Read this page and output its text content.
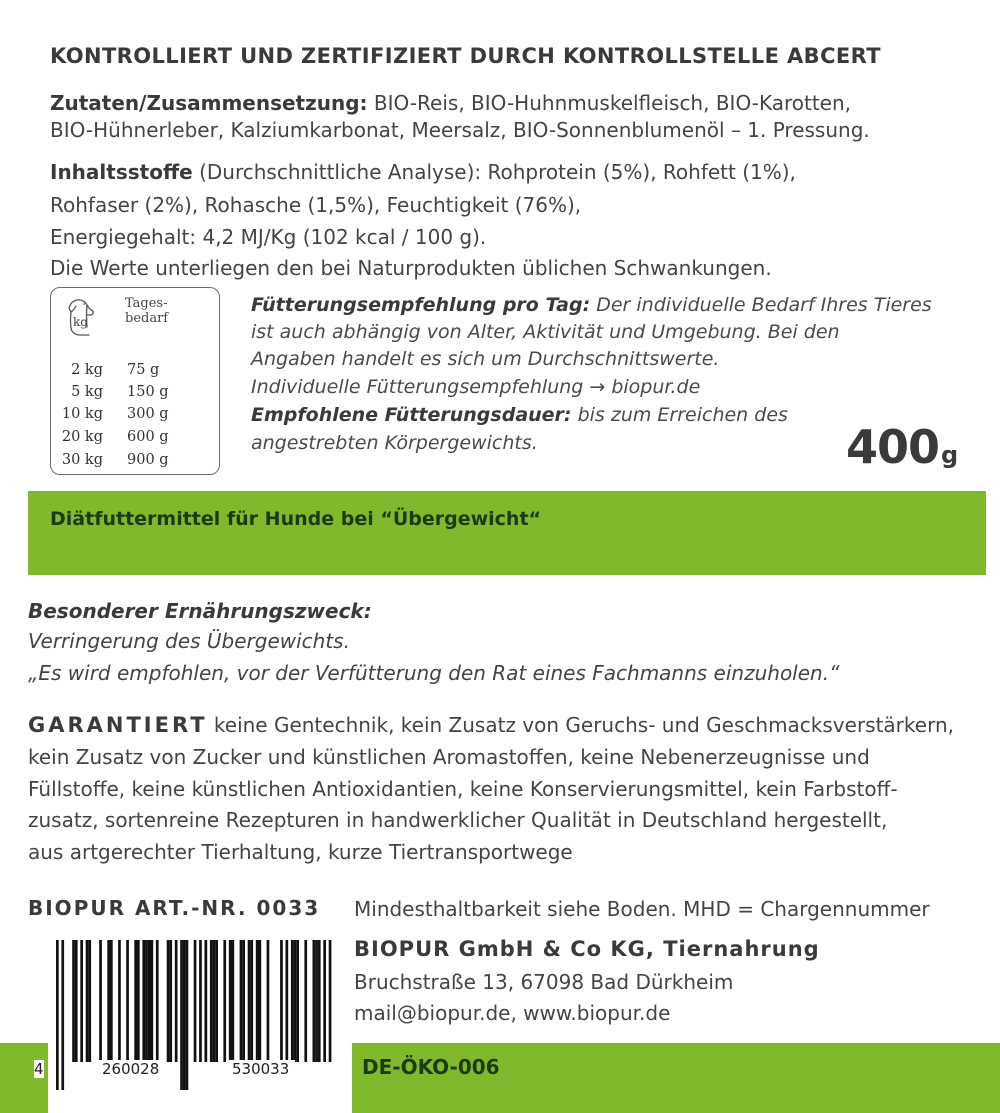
KONTROLLIERT UND ZERTIFIZIERT DURCH KONTROLLSTELLE ABCERT
Zutaten/Zusammensetzung: BIO-Reis, BIO-Huhnmuskelfleisch, BIO-Karotten,
BIO-Hühnerleber, Kalziumkarbonat, Meersalz, BIO-Sonnenblumenöl – 1. Pressung.
Inhaltsstoffe (Durchschnittliche Analyse): Rohprotein (5%), Rohfett (1%),
Rohfaser (2%), Rohasche (1,5%), Feuchtigkeit (76%),
Energiegehalt: 4,2 MJ/Kg (102 kcal / 100 g).
Die Werte unterliegen den bei Naturprodukten üblichen Schwankungen.
kg
Tages-
bedarf
2 kg 75 g
5 kg 150 g
10 kg 300 g
20 kg 600 g
30 kg 900 g
Fütterungsempfehlung pro Tag: Der individuelle Bedarf Ihres Tieres
ist auch abhängig von Alter, Aktivität und Umgebung. Bei den
Angaben handelt es sich um Durchschnittswerte.
Individuelle Fütterungsempfehlung → biopur.de
Empfohlene Fütterungsdauer: bis zum Erreichen des
angestrebten Körpergewichts.	400g
Diätfuttermittel für Hunde bei “Übergewicht“
Besonderer Ernährungszweck:
Verringerung des Übergewichts.
„Es wird empfohlen, vor der Verfütterung den Rat eines Fachmanns einzuholen.“
GARANTIERT keine Gentechnik, kein Zusatz von Geruchs- und Geschmacksverstärkern,
kein Zusatz von Zucker und künstlichen Aromastoffen, keine Nebenerzeugnisse und
Füllstoffe, keine künstlichen Antioxidantien, keine Konservierungsmittel, kein Farbstoff-
zusatz, sortenreine Rezepturen in handwerklicher Qualität in Deutschland hergestellt,
aus artgerechter Tierhaltung, kurze Tiertransportwege
BIOPUR ART.-NR. 0033 Mindesthaltbarkeit siehe Boden. MHD = Chargennummer
BIOPUR GmbH & Co KG, Tiernahrung
Bruchstraße 13, 67098 Bad Dürkheim
mail@biopur.de, www.biopur.de
DE-ÖKO-006
4	260028	530033
